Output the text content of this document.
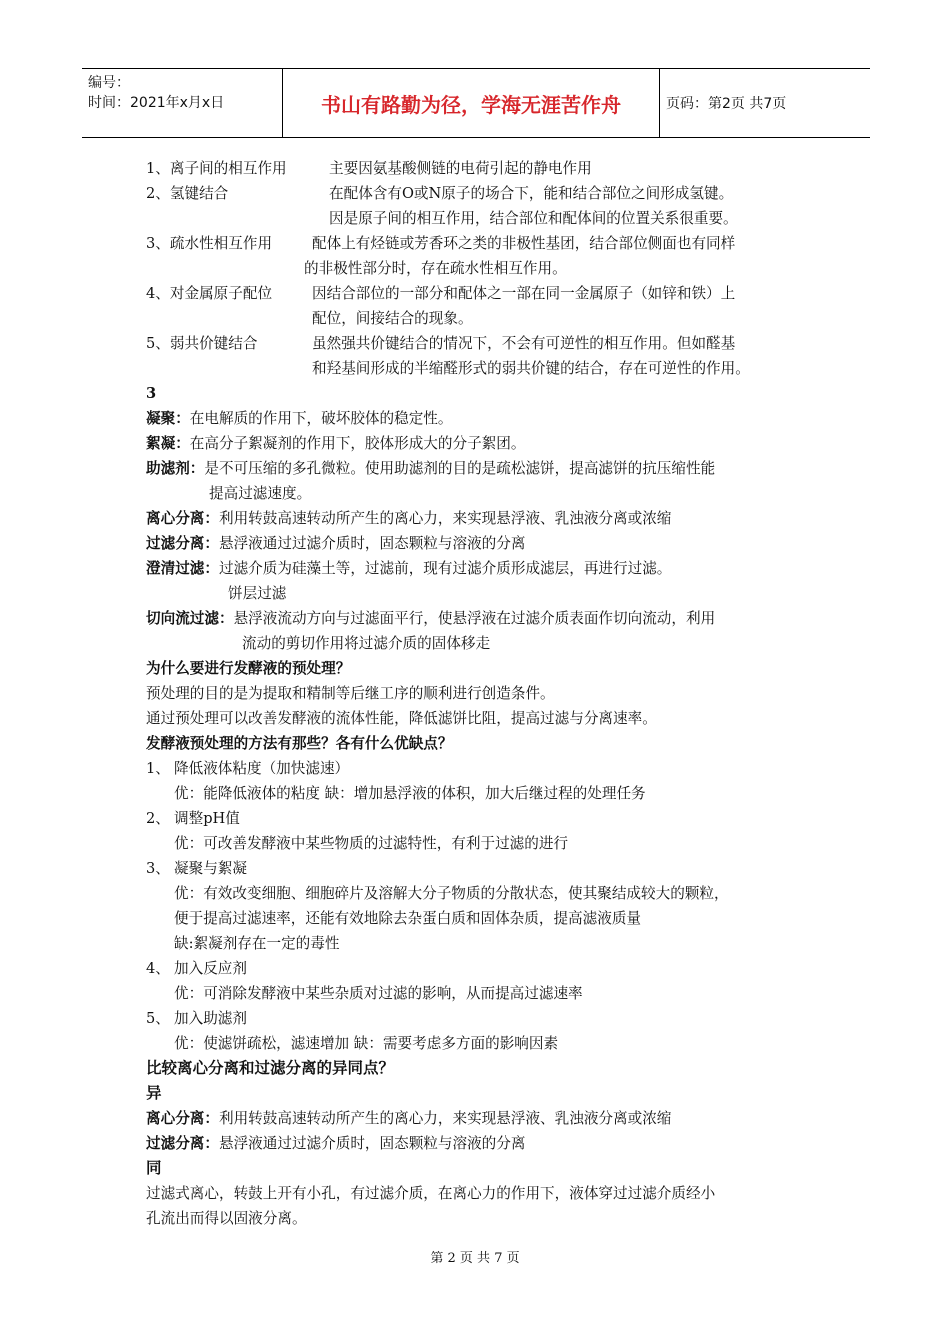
编号：
时间：2021年x月x日	书山有路勤为径，学海无涯苦作舟	页码：第2页 共7页
1、离子间的相互作用	主要因氨基酸侧链的电荷引起的静电作用
2、氢键结合	在配体含有O或N原子的场合下，能和结合部位之间形成氢键。
因是原子间的相互作用，结合部位和配体间的位置关系很重要。
3、疏水性相互作用	配体上有烃链或芳香环之类的非极性基团，结合部位侧面也有同样
的非极性部分时，存在疏水性相互作用。
4、对金属原子配位	因结合部位的一部分和配体之一部在同一金属原子（如锌和铁）上
配位，间接结合的现象。
5、弱共价键结合	虽然强共价键结合的情况下，不会有可逆性的相互作用。但如醛基
和羟基间形成的半缩醛形式的弱共价键的结合，存在可逆性的作用。
3
凝聚：在电解质的作用下，破坏胶体的稳定性。
絮凝：在高分子絮凝剂的作用下，胶体形成大的分子絮团。
助滤剂：是不可压缩的多孔微粒。使用助滤剂的目的是疏松滤饼，提高滤饼的抗压缩性能
提高过滤速度。
离心分离：利用转鼓高速转动所产生的离心力，来实现悬浮液、乳浊液分离或浓缩
过滤分离：悬浮液通过过滤介质时，固态颗粒与溶液的分离
澄清过滤：过滤介质为硅藻土等，过滤前，现有过滤介质形成滤层，再进行过滤。
饼层过滤
切向流过滤：悬浮液流动方向与过滤面平行，使悬浮液在过滤介质表面作切向流动，利用
流动的剪切作用将过滤介质的固体移走
为什么要进行发酵液的预处理？
预处理的目的是为提取和精制等后继工序的顺利进行创造条件。
通过预处理可以改善发酵液的流体性能，降低滤饼比阻，提高过滤与分离速率。
发酵液预处理的方法有那些？各有什么优缺点？
1、 降低液体粘度（加快滤速）
优：能降低液体的粘度 缺：增加悬浮液的体积，加大后继过程的处理任务
2、 调整pH值
优：可改善发酵液中某些物质的过滤特性，有利于过滤的进行
3、 凝聚与絮凝
优：有效改变细胞、细胞碎片及溶解大分子物质的分散状态，使其聚结成较大的颗粒，
便于提高过滤速率，还能有效地除去杂蛋白质和固体杂质，提高滤液质量
缺:絮凝剂存在一定的毒性
4、 加入反应剂
优：可消除发酵液中某些杂质对过滤的影响，从而提高过滤速率
5、 加入助滤剂
优：使滤饼疏松，滤速增加 缺：需要考虑多方面的影响因素
比较离心分离和过滤分离的异同点？
异
离心分离：利用转鼓高速转动所产生的离心力，来实现悬浮液、乳浊液分离或浓缩
过滤分离：悬浮液通过过滤介质时，固态颗粒与溶液的分离
同
过滤式离心，转鼓上开有小孔，有过滤介质，在离心力的作用下，液体穿过过滤介质经小
孔流出而得以固液分离。
第 2 页 共 7 页
